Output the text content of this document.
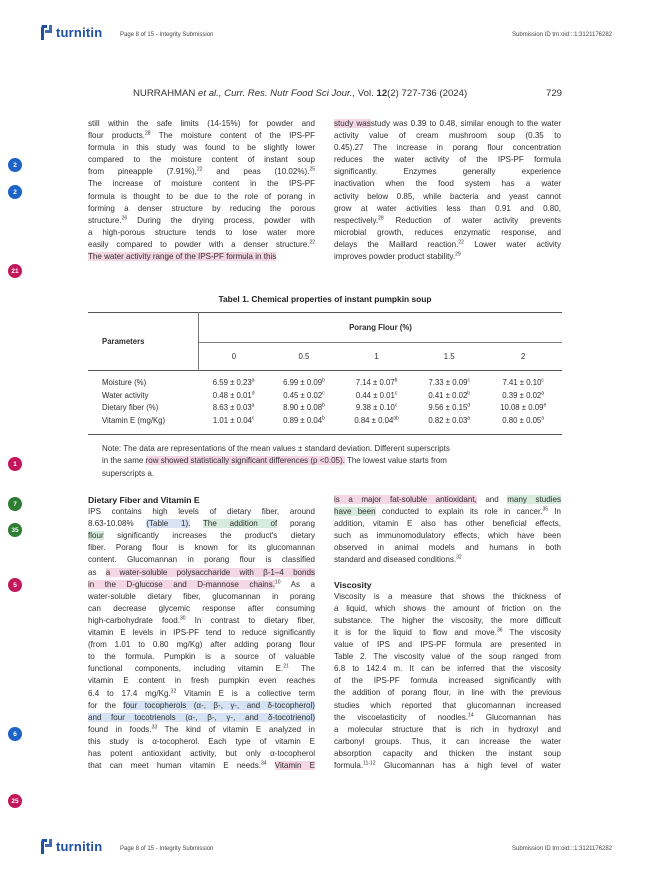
turnitin	Page 8 of 15 - Integrity Submission	Submission ID trn:oid:::1:3121176282
NURRAHMAN et al., Curr. Res. Nutr Food Sci Jour., Vol. 12(2) 727-736 (2024)	729
2
2
21
1
7
35
5
6
25
still within the safe limits (14-15%) for powder and
flour products.$^{28}$ The moisture content of the IPS-PF
formula in this study was found to be slightly lower
compared to the moisture content of instant soup
from pineapple (7.91%),$^{22}$ and peas (10.02%).$^{25}$
The increase of moisture content in the IPS-PF
formula is thought to be due to the role of porang in
forming a denser structure by reducing the porous
structure.$^{26}$ During the drying process, powder with
a high-porous structure tends to lose water more
easily compared to powder with a denser structure.$^{22}$
The water activity range of the IPS-PF formula in this
study wasstudy was 0.39 to 0.48, similar enough to the water
activity value of cream mushroom soup (0.35 to
0.45).27 The increase in porang flour concentration
reduces the water activity of the IPS-PF formula
significantly. Enzymes generally experience
inactivation when the food system has a water
activity below 0.85, while bacteria and yeast cannot
grow at water activities less than 0.91 and 0.80,
respectively.$^{28}$ Reduction of water activity prevents
microbial growth, reduces enzymatic response, and
delays the Maillard reaction.$^{22}$ Lower water activity
improves powder product stability.$^{29}$
Tabel 1. Chemical properties of instant pumpkin soup
Parameters	Porang Flour (%)				
	0	0.5	1	1.5	2

Moisture (%)	6.59 ± 0.23$^a$	6.99 ± 0.09$^b$	7.14 ± 0.07$^b$	7.33 ± 0.09$^c$	7.41 ± 0.10$^c$
Water activity	0.48 ± 0.01$^d$	0.45 ± 0.02$^c$	0.44 ± 0.01$^c$	0.41 ± 0.02$^b$	0.39 ± 0.02$^a$
Dietary fiber (%)	8.63 ± 0.03$^a$	8.90 ± 0.08$^b$	9.38 ± 0.10$^c$	9.56 ± 0.15$^d$	10.08 ± 0.09$^e$
Vitamin E (mg/Kg)	1.01 ± 0.04$^c$	0.89 ± 0.04$^b$	0.84 ± 0.04$^{ab}$	0.82 ± 0.03$^a$	0.80 ± 0.05$^a$

Note: The data are representations of the mean values ± standard deviation. Different superscripts
in the same row showed statistically significant differences (p <0.05). The lowest value starts from
superscripts a.
Dietary Fiber and Vitamin E
IPS contains high levels of dietary fiber, around
8.63-10.08% (Table 1). The addition of porang
flour significantly increases the product's dietary
fiber. Porang flour is known for its glucomannan
content. Glucomannan in porang flour is classified
as a water-soluble polysaccharide with β-1–4 bonds
in the D-glucose and D-mannose chains.$^{10}$ As a
water-soluble dietary fiber, glucomannan in porang
can decrease glycemic response after consuming
high-carbohydrate food.$^{30}$ In contrast to dietary fiber,
vitamin E levels in IPS-PF tend to reduce significantly
(from 1.01 to 0.80 mg/Kg) after adding porang flour
to the formula. Pumpkin is a source of valuable
functional components, including vitamin E.$^{21}$ The
vitamin E content in fresh pumpkin even reaches
6.4 to 17.4 mg/Kg.$^{32}$ Vitamin E is a collective term
for the four tocopherols (α-, β-, γ-, and δ-tocopherol)
and four tocotrienols (α-, β-, γ-, and δ-tocotrienol)
found in foods.$^{33}$ The kind of vitamin E analyzed in
this study is α-tocopherol. Each type of vitamin E
has potent antioxidant activity, but only α-tocopherol
that can meet human vitamin E needs.$^{34}$ Vitamin E
is a major fat-soluble antioxidant, and many studies
have been conducted to explain its role in cancer.$^{35}$ In
addition, vitamin E also has other beneficial effects,
such as immunomodulatory effects, which have been
observed in animal models and humans in both
standard and diseased conditions.$^{32}$
Viscosity
Viscosity is a measure that shows the thickness of
a liquid, which shows the amount of friction on the
substance. The higher the viscosity, the more difficult
it is for the liquid to flow and move.$^{36}$ The viscosity
value of IPS and IPS-PF formula are presented in
Table 2. The viscosity value of the soup ranged from
6.8 to 142.4 m. It can be inferred that the viscosity
of the IPS-PF formula increased significantly with
the addition of porang flour, in line with the previous
studies which reported that glucomannan increased
the viscoelasticity of noodles.$^{14}$ Glucomannan has
a molecular structure that is rich in hydroxyl and
carbonyl groups. Thus, it can increase the water
absorption capacity and thicken the instant soup
formula.$^{11-12}$ Glucomannan has a high level of water
turnitin	Page 8 of 15 - Integrity Submission	Submission ID trn:oid:::1:3121176282
